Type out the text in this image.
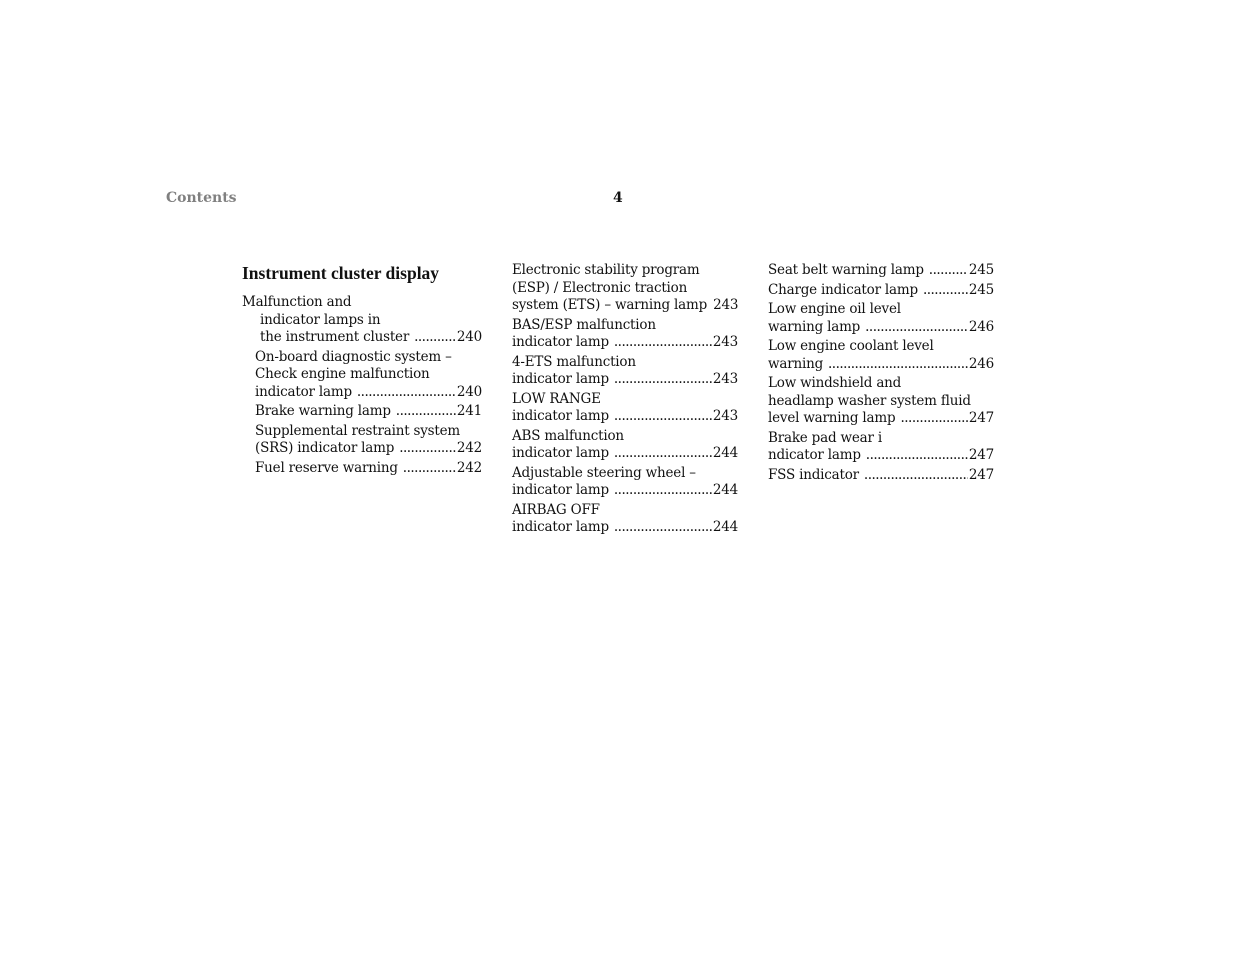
Contents	4
Instrument cluster display
Malfunction and
indicator lamps in
the instrument cluster .....	240
On-board diagnostic system –
Check engine malfunction
indicator lamp .....	240
Brake warning lamp .....	241
Supplemental restraint system
(SRS) indicator lamp .....	242
Fuel reserve warning .....	242
Electronic stability program
(ESP) / Electronic traction
system (ETS) – warning lamp 243
BAS/ESP malfunction
indicator lamp .....	243
4-ETS malfunction
indicator lamp .....	243
LOW RANGE
indicator lamp .....	243
ABS malfunction
indicator lamp .....	244
Adjustable steering wheel –
indicator lamp .....	244
AIRBAG OFF
indicator lamp .....	244
Seat belt warning lamp .....	245
Charge indicator lamp .....	245
Low engine oil level
warning lamp .....	246
Low engine coolant level
warning .....	246
Low windshield and
headlamp washer system fluid
level warning lamp .....	247
Brake pad wear i
ndicator lamp .....	247
FSS indicator .....	247
